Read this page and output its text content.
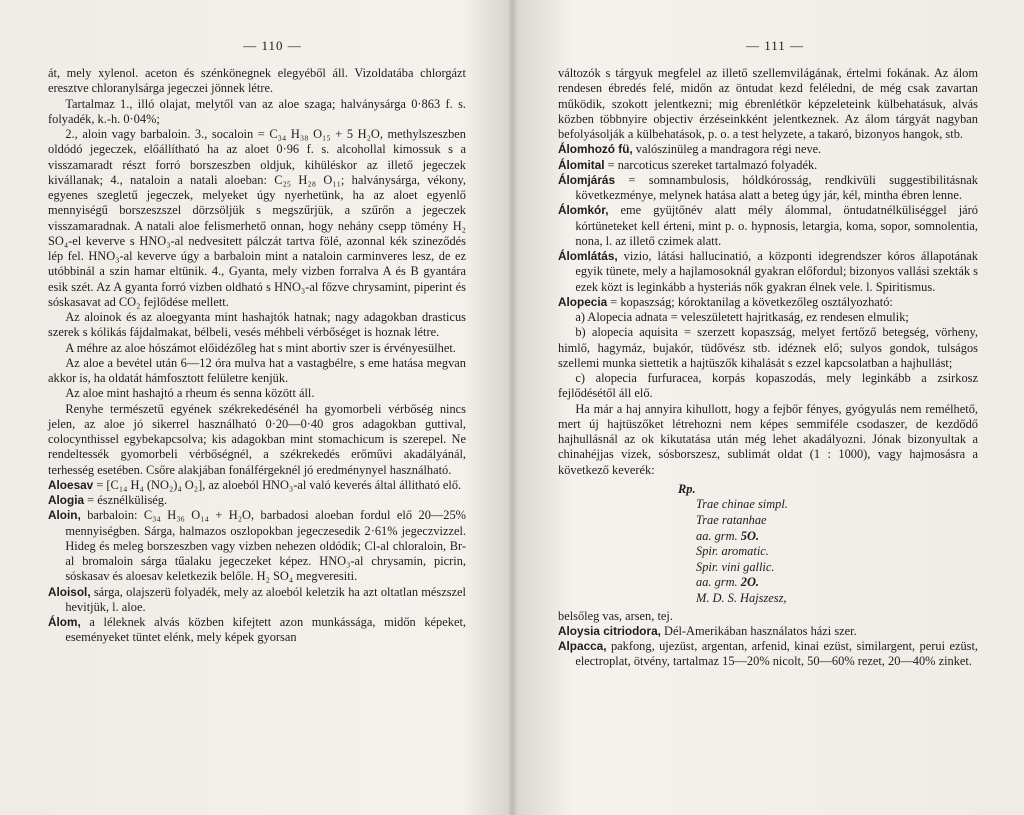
— 110 —

át, mely xylenol. aceton és szénkönegnek elegyéből áll. Vizoldatába chlorgázt eresztve chloranylsárga jegeczei jönnek létre.

Tartalmaz 1., illó olajat, melytől van az aloe szaga; halványsárga 0·863 f. s. folyadék, k.-h. 0·04%;

2., aloin vagy barbaloin. 3., socaloin = C₃₄ H₃₈ O₁₅ + 5 H₂O, methylszeszben oldódó jegeczek, előállítható ha az aloet 0·96 f. s. alcohollal kimossuk s a visszamaradt részt forró borszeszben oldjuk, kihüléskor az illető jegeczek kivállanak; 4., nataloin a natali aloeban: C₂₅ H₂₈ O₁₁; halványsárga, vékony, egyenes szegletű jegeczek, melyeket úgy nyerhetünk, ha az aloet egyenlő mennyiségű borszeszszel dörzsöljük s megszűrjük, a szűrőn a jegeczek visszamaradnak. A natali aloe felismerhető onnan, hogy nehány csepp tömény H₂ SO₄-el keverve s HNO₃-al nedvesitett pálczát tartva fölé, azonnal kék szineződés lép fel. HNO₃-al keverve úgy a barbaloin mint a nataloin carminveres lesz, de ez utóbbinál a szin hamar eltünik. 4., Gyanta, mely vizben forralva A és B gyantára esik szét. Az A gyanta forró vizben oldható s HNO₃-al főzve chrysamint, piperint és sóskasavat ad CO₂ fejlődése mellett.

Az aloinok és az aloegyanta mint hashajtók hatnak; nagy adagokban drasticus szerek s kólikás fájdalmakat, bélbeli, vesés méhbeli vérbőséget is hoznak létre.

A méhre az aloe hószámot előidézőleg hat s mint abortiv szer is érvényesülhet.

Az aloe a bevétel után 6—12 óra mulva hat a vastagbélre, s eme hatása megvan akkor is, ha oldatát hámfosztott felületre kenjük.

Az aloe mint hashajtó a rheum és senna között áll.

Renyhe természetű egyének székrekedésénél ha gyomorbeli vérbőség nincs jelen, az aloe jó sikerrel használható 0·20—0·40 gros adagokban guttival, colocynthissel egybekapcsolva; kis adagokban mint stomachicum is szerepel. Ne rendeltessék gyomorbeli vérbőségnél, a székrekedés erőművi akadályánál, terhesség esetében. Csőre alakjában fonálférgeknél jó eredménynyel használható.

Aloesav = [C₁₄ H₄ (NO₂)₄ O₂], az aloeból HNO₃-al való keverés által állitható elő.

Alogia = észnélküliség.

Aloin, barbaloin: C₃₄ H₃₆ O₁₄ + H₂O, barbadosi aloeban fordul elő 20—25% mennyiségben. Sárga, halmazos oszlopokban jegeczesedik 2·61% jegeczvizzel. Hideg és meleg borszeszben vagy vizben nehezen oldódik; Cl-al chloraloin, Br-al bromaloin sárga tűalaku jegeczeket képez. HNO₃-al chrysamin, picrin, sóskasav és aloesav keletkezik belőle. H₂ SO₄ megveresiti.

Aloisol, sárga, olajszerü folyadék, mely az aloeból keletzik ha azt oltatlan mészszel hevitjük, l. aloe.

Álom, a léleknek alvás közben kifejtett azon munkássága, midőn képeket, eseményeket tüntet elénk, mely képek gyorsan

— 111 —

változók s tárgyuk megfelel az illető szellemvilágának, értelmi fokának. Az álom rendesen ébredés felé, midőn az öntudat kezd feléledni, de még csak zavartan működik, szokott jelentkezni; mig ébrenlétkör képzeleteink külbehatásuk, alvás közben többnyire objectiv érzéseinkként jelentkeznek. Az álom tárgyát nagyban befolyásolják a külbehatások, p. o. a test helyzete, a takaró, bizonyos hangok, stb.

Álomhozó fü, valószinüleg a mandragora régi neve.

Álomital = narcoticus szereket tartalmazó folyadék.

Álomjárás = somnambulosis, hóldkórosság, rendkivüli suggestibilitásnak következménye, melynek hatása alatt a beteg úgy jár, kél, mintha ébren lenne.

Álomkór, eme gyüjtőnév alatt mély álommal, öntudatnélküliséggel járó kórtüneteket kell érteni, mint p. o. hypnosis, letargia, koma, sopor, somnolentia, nona, l. az illető czimek alatt.

Álomlátás, vizio, látási hallucinatió, a központi idegrendszer kóros állapotának egyik tünete, mely a hajlamosoknál gyakran előfordul; bizonyos vallási szekták s ezek közt is leginkább a hysteriás nők gyakran élnek vele. l. Spiritismus.

Alopecia = kopaszság; kóroktanilag a következőleg osztályozható:

a) Alopecia adnata = veleszületett hajritkaság, ez rendesen elmulik;

b) alopecia aquisita = szerzett kopaszság, melyet fertőző betegség, vörheny, himlő, hagymáz, bujakór, tüdővész stb. idéznek elő; sulyos gondok, tulságos szellemi munka siettetik a hajtüszők kihalását s ezzel kapcsolatban a hajhullást;

c) alopecia furfuracea, korpás kopaszodás, mely leginkább a zsirkosz fejlődésétől áll elő.

Ha már a haj annyira kihullott, hogy a fejbőr fényes, gyógyulás nem remélhető, mert új hajtüszőket létrehozni nem képes semmiféle csodaszer, de kezdődő hajhullásnál az ok kikutatása után még lehet akadályozni. Jónak bizonyultak a chinahéjjas vizek, sósborszesz, sublimát oldat (1 : 1000), vagy hajmosásra a következő keverék:

Rp.
Trae chinae simpl.
Trae ratanhae
aa. grm. 5O.
Spir. aromatic.
Spir. vini gallic.
aa. grm. 2O.
M. D. S. Hajszesz,

belsőleg vas, arsen, tej.

Aloysia citriodora, Dél-Amerikában használatos házi szer.

Alpacca, pakfong, ujezüst, argentan, arfenid, kinai ezüst, similargent, perui ezüst, electroplat, ötvény, tartalmaz 15—20% nicolt, 50—60% rezet, 20—40% zinket.
